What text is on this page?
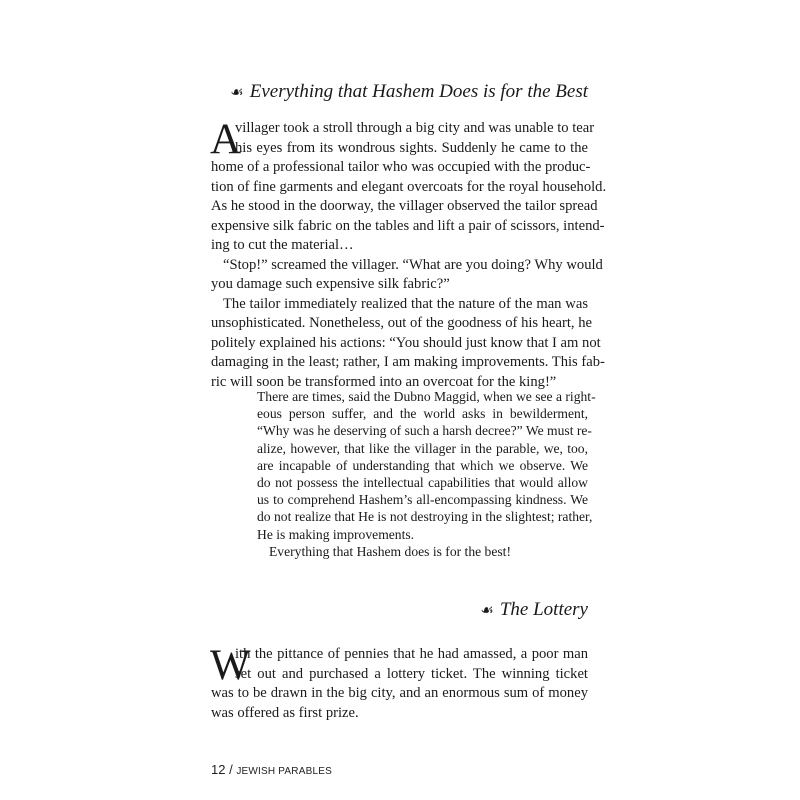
☙ Everything that Hashem Does is for the Best
A
villager took a stroll through a big city and was unable to tear
his eyes from its wondrous sights. Suddenly he came to the
home of a professional tailor who was occupied with the produc-
tion of fine garments and elegant overcoats for the royal household.
As he stood in the doorway, the villager observed the tailor spread
expensive silk fabric on the tables and lift a pair of scissors, intend-
ing to cut the material…
“Stop!” screamed the villager. “What are you doing? Why would
you damage such expensive silk fabric?”
The tailor immediately realized that the nature of the man was
unsophisticated. Nonetheless, out of the goodness of his heart, he
politely explained his actions: “You should just know that I am not
damaging in the least; rather, I am making improvements. This fab-
ric will soon be transformed into an overcoat for the king!”
There are times, said the Dubno Maggid, when we see a right-
eous person suffer, and the world asks in bewilderment,
“Why was he deserving of such a harsh decree?” We must re-
alize, however, that like the villager in the parable, we, too,
are incapable of understanding that which we observe. We
do not possess the intellectual capabilities that would allow
us to comprehend Hashem’s all-encompassing kindness. We
do not realize that He is not destroying in the slightest; rather,
He is making improvements.
Everything that Hashem does is for the best!
☙ The Lottery
W
ith the pittance of pennies that he had amassed, a poor man
set out and purchased a lottery ticket. The winning ticket
was to be drawn in the big city, and an enormous sum of money
was offered as first prize.
12 / JEWISH PARABLES
